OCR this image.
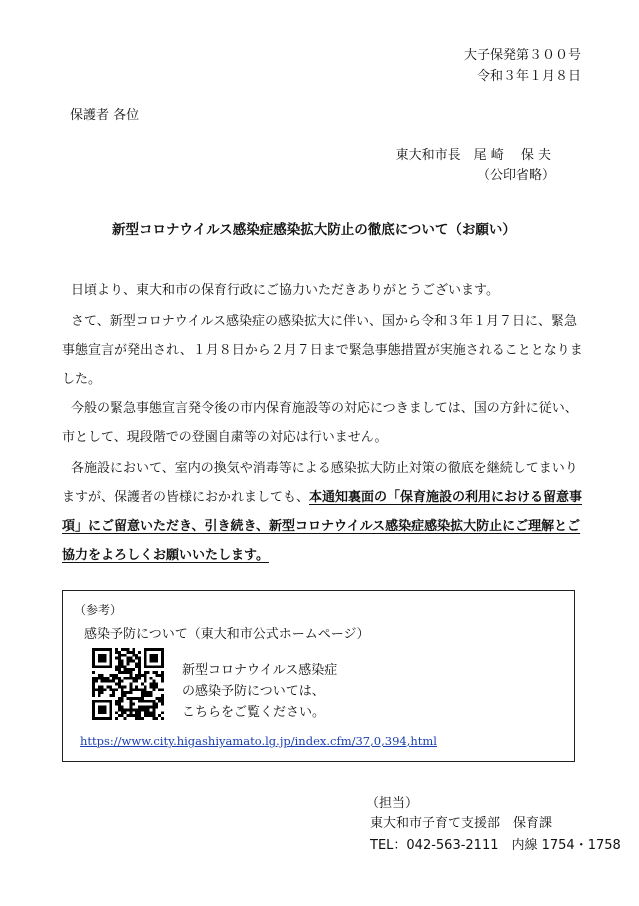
大子保発第３００号
令和３年１月８日
保護者 各位
東大和市長　尾 崎　 保 夫
（公印省略）
新型コロナウイルス感染症感染拡大防止の徹底について（お願い）
日頃より、東大和市の保育行政にご協力いただきありがとうございます。
さて、新型コロナウイルス感染症の感染拡大に伴い、国から令和３年１月７日に、緊急
事態宣言が発出され、１月８日から２月７日まで緊急事態措置が実施されることとなりま
した。
今般の緊急事態宣言発令後の市内保育施設等の対応につきましては、国の方針に従い、
市として、現段階での登園自粛等の対応は行いません。
各施設において、室内の換気や消毒等による感染拡大防止対策の徹底を継続してまいり
ますが、保護者の皆様におかれましても、本通知裏面の「保育施設の利用における留意事
項」にご留意いただき、引き続き、新型コロナウイルス感染症感染拡大防止にご理解とご
協力をよろしくお願いいたします。
（参考）
感染予防について（東大和市公式ホームページ）
新型コロナウイルス感染症
の感染予防については、
こちらをご覧ください。
https://www.city.higashiyamato.lg.jp/index.cfm/37,0,394,html
（担当）
東大和市子育て支援部　保育課
TEL：042-563-2111　内線 1754・1758
